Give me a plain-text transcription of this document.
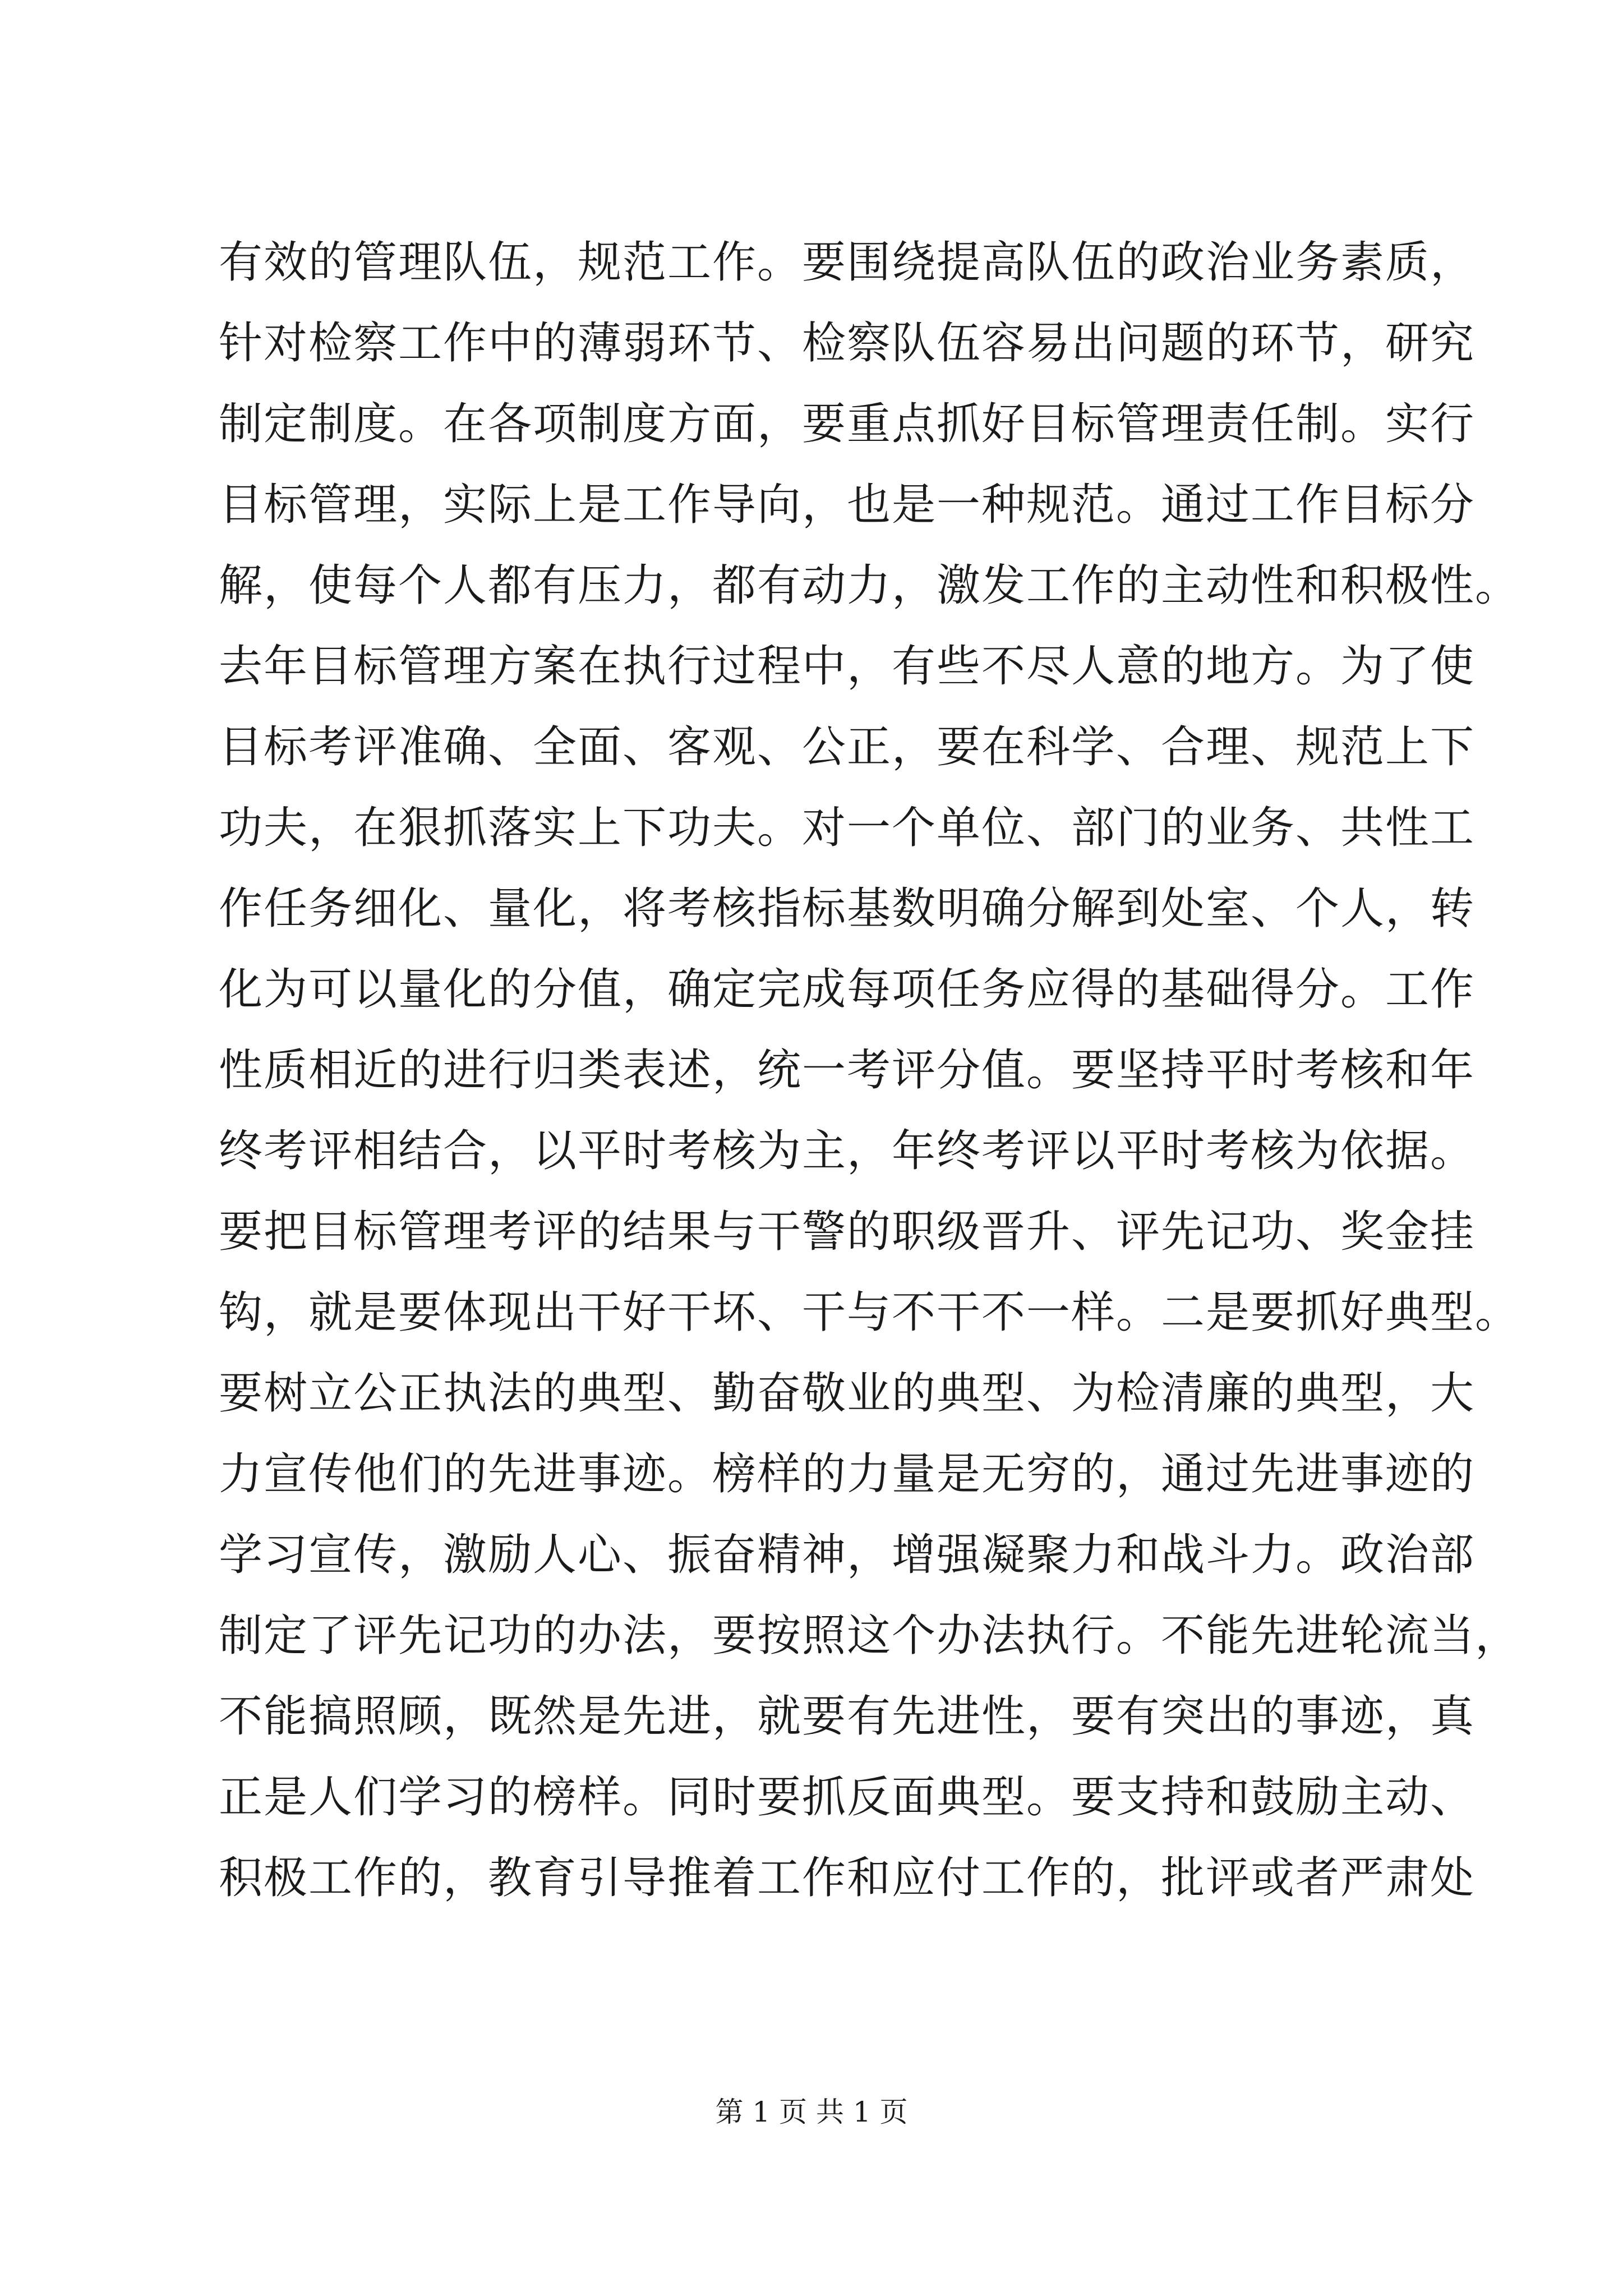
有效的管理队伍，规范工作。要围绕提高队伍的政治业务素质，
针对检察工作中的薄弱环节、检察队伍容易出问题的环节，研究
制定制度。在各项制度方面，要重点抓好目标管理责任制。实行
目标管理，实际上是工作导向，也是一种规范。通过工作目标分
解，使每个人都有压力，都有动力，激发工作的主动性和积极性。
去年目标管理方案在执行过程中，有些不尽人意的地方。为了使
目标考评准确、全面、客观、公正，要在科学、合理、规范上下
功夫，在狠抓落实上下功夫。对一个单位、部门的业务、共性工
作任务细化、量化，将考核指标基数明确分解到处室、个人，转
化为可以量化的分值，确定完成每项任务应得的基础得分。工作
性质相近的进行归类表述，统一考评分值。要坚持平时考核和年
终考评相结合，以平时考核为主，年终考评以平时考核为依据。
要把目标管理考评的结果与干警的职级晋升、评先记功、奖金挂
钩，就是要体现出干好干坏、干与不干不一样。二是要抓好典型。
要树立公正执法的典型、勤奋敬业的典型、为检清廉的典型，大
力宣传他们的先进事迹。榜样的力量是无穷的，通过先进事迹的
学习宣传，激励人心、振奋精神，增强凝聚力和战斗力。政治部
制定了评先记功的办法，要按照这个办法执行。不能先进轮流当，
不能搞照顾，既然是先进，就要有先进性，要有突出的事迹，真
正是人们学习的榜样。同时要抓反面典型。要支持和鼓励主动、
积极工作的，教育引导推着工作和应付工作的，批评或者严肃处
第 1 页 共 1 页
